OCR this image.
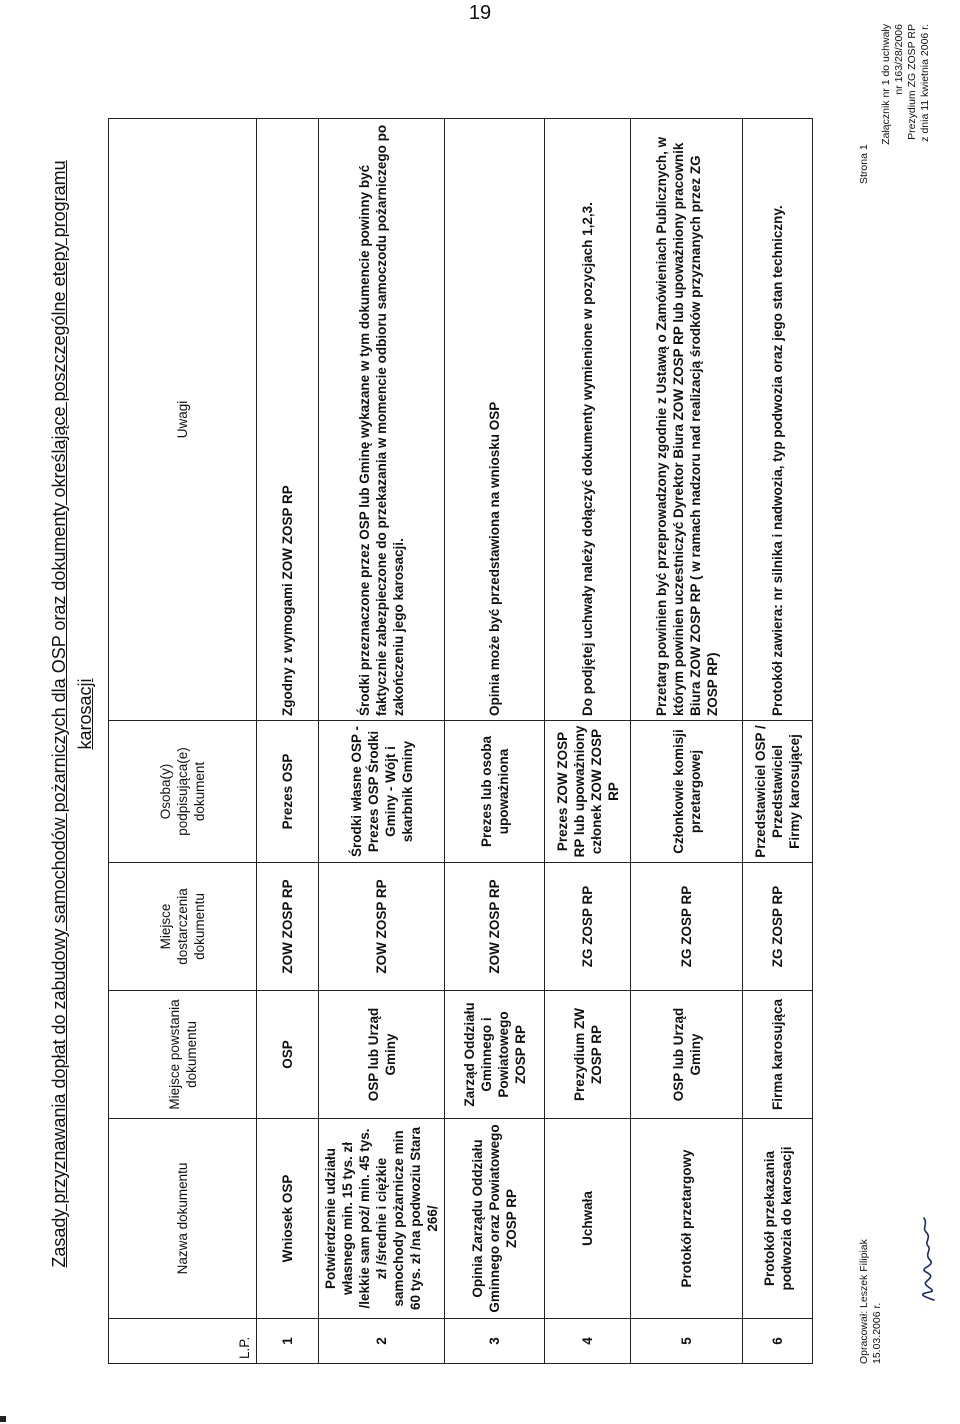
19
Załącznik nr 1 do uchwały nr 163/28/2006 Prezydium ZG ZOSP RP z dnia 11 kwietnia 2006 r.
Zasady przyznawania dopłat do zabudowy samochodów pożarniczych dla OSP oraz dokumenty określające poszczególne etepy programu karosacji
L.P.	Nazwa dokumentu	Miejsce powstania dokumentu	Miejsce dostarczenia dokumentu	Osoba(y) podpisująca(e) dokument	Uwagi
1	Wniosek OSP	OSP	ZOW ZOSP RP	Prezes OSP	Zgodny z wymogami ZOW ZOSP RP
2	Potwierdzenie udziału własnego min. 15 tys. zł /lekkie sam poż/ min. 45 tys. zł /średnie i ciężkie samochody pożarnicze min 60 tys. zł /na podwoziu Stara 266/	OSP lub Urząd Gminy	ZOW ZOSP RP	Środki własne OSP - Prezes OSP Środki Gminy - Wójt i skarbnik Gminy	Środki przeznaczone przez OSP lub Gminę wykazane w tym dokumencie powinny być faktycznie zabezpieczone do przekazania w momencie odbioru samoczodu pożarniczego po zakończeniu jego karosacji.
3	Opinia Zarządu Oddziału Gminnego oraz Powiatowego ZOSP RP	Zarząd Oddziału Gminnego i Powiatowego ZOSP RP	ZOW ZOSP RP	Prezes lub osoba upoważniona	Opinia może być przedstawiona na wniosku OSP
4	Uchwała	Prezydium ZW ZOSP RP	ZG ZOSP RP	Prezes ZOW ZOSP RP lub upoważniony członek ZOW ZOSP RP	Do podjętej uchwały należy dołączyć dokumenty wymienione w pozycjach 1,2,3.
5	Protokół przetargowy	OSP lub Urząd Gminy	ZG ZOSP RP	Członkowie komisji przetargowej	Przetarg powinien być przeprowadzony zgodnie z Ustawą o Zamówieniach Publicznych, w którym powinien uczestniczyć Dyrektor Biura ZOW ZOSP RP lub upoważniony pracownik Biura ZOW ZOSP RP ( w ramach nadzoru nad realizacją środków przyznanych przez ZG ZOSP RP)
6	Protokół przekazania podwozia do karosacji	Firma karosująca	ZG ZOSP RP	Przedstawiciel OSP / Przedstawiciel Firmy karosującej	Protokół zawiera: nr silnika i nadwozia, typ podwozia oraz jego stan techniczny.
Opracował: Leszek Filipiak 15.03.2006 r.
Strona 1
